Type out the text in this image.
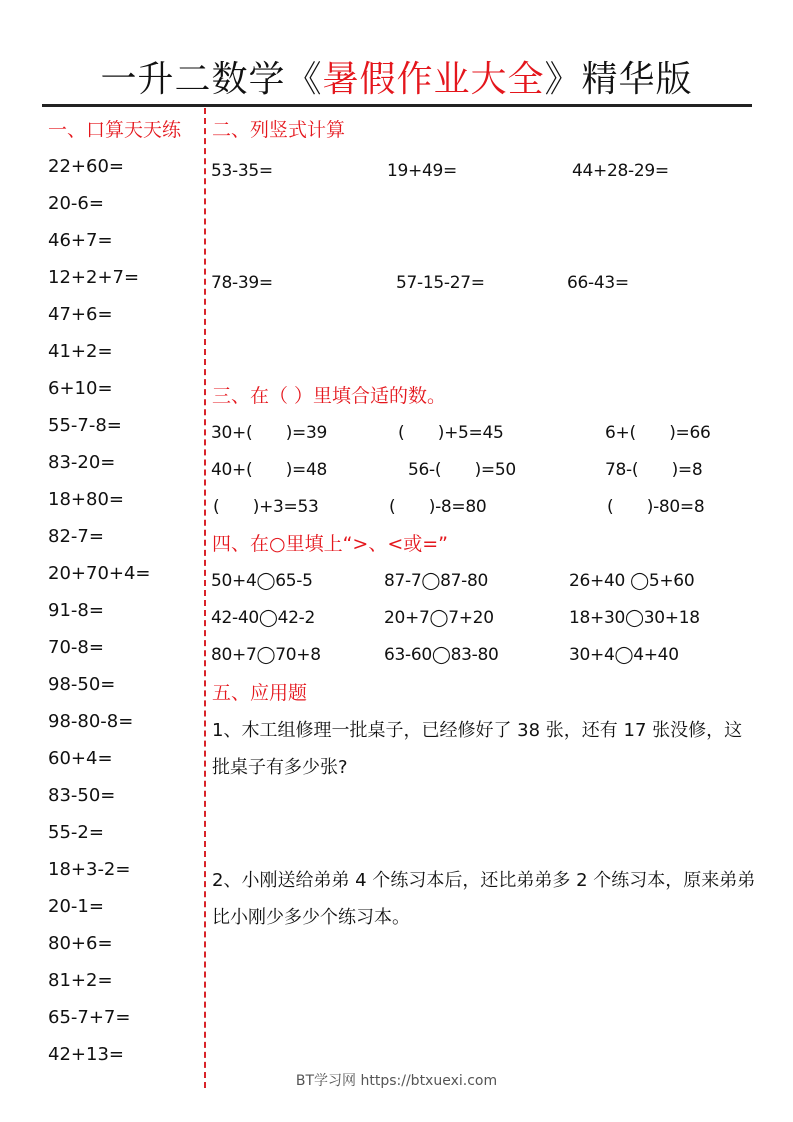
一升二数学《暑假作业大全》精华版
一、口算天天练
22+60=
20-6=
46+7=
12+2+7=
47+6=
41+2=
6+10=
55-7-8=
83-20=
18+80=
82-7=
20+70+4=
91-8=
70-8=
98-50=
98-80-8=
60+4=
83-50=
55-2=
18+3-2=
20-1=
80+6=
81+2=
65-7+7=
42+13=
二、列竖式计算
53-35=	19+49=	44+28-29=
78-39=	57-15-27=	66-43=
三、在（ ）里填合适的数。
30+(　　)=39	(　　)+5=45	6+(　　)=66
40+(　　)=48	56-(　　)=50	78-(　　)=8
(　　)+3=53	(　　)-8=80	(　　)-80=8
四、在○里填上“>、<或=”
50+4◯65-5	87-7◯87-80	26+40 ◯5+60
42-40◯42-2	20+7◯7+20	18+30◯30+18
80+7◯70+8	63-60◯83-80	30+4◯4+40
五、应用题
1、木工组修理一批桌子，已经修好了 38 张，还有 17 张没修，这批桌子有多少张?
2、小刚送给弟弟 4 个练习本后，还比弟弟多 2 个练习本，原来弟弟比小刚少多少个练习本。
BT学习网 https://btxuexi.com
